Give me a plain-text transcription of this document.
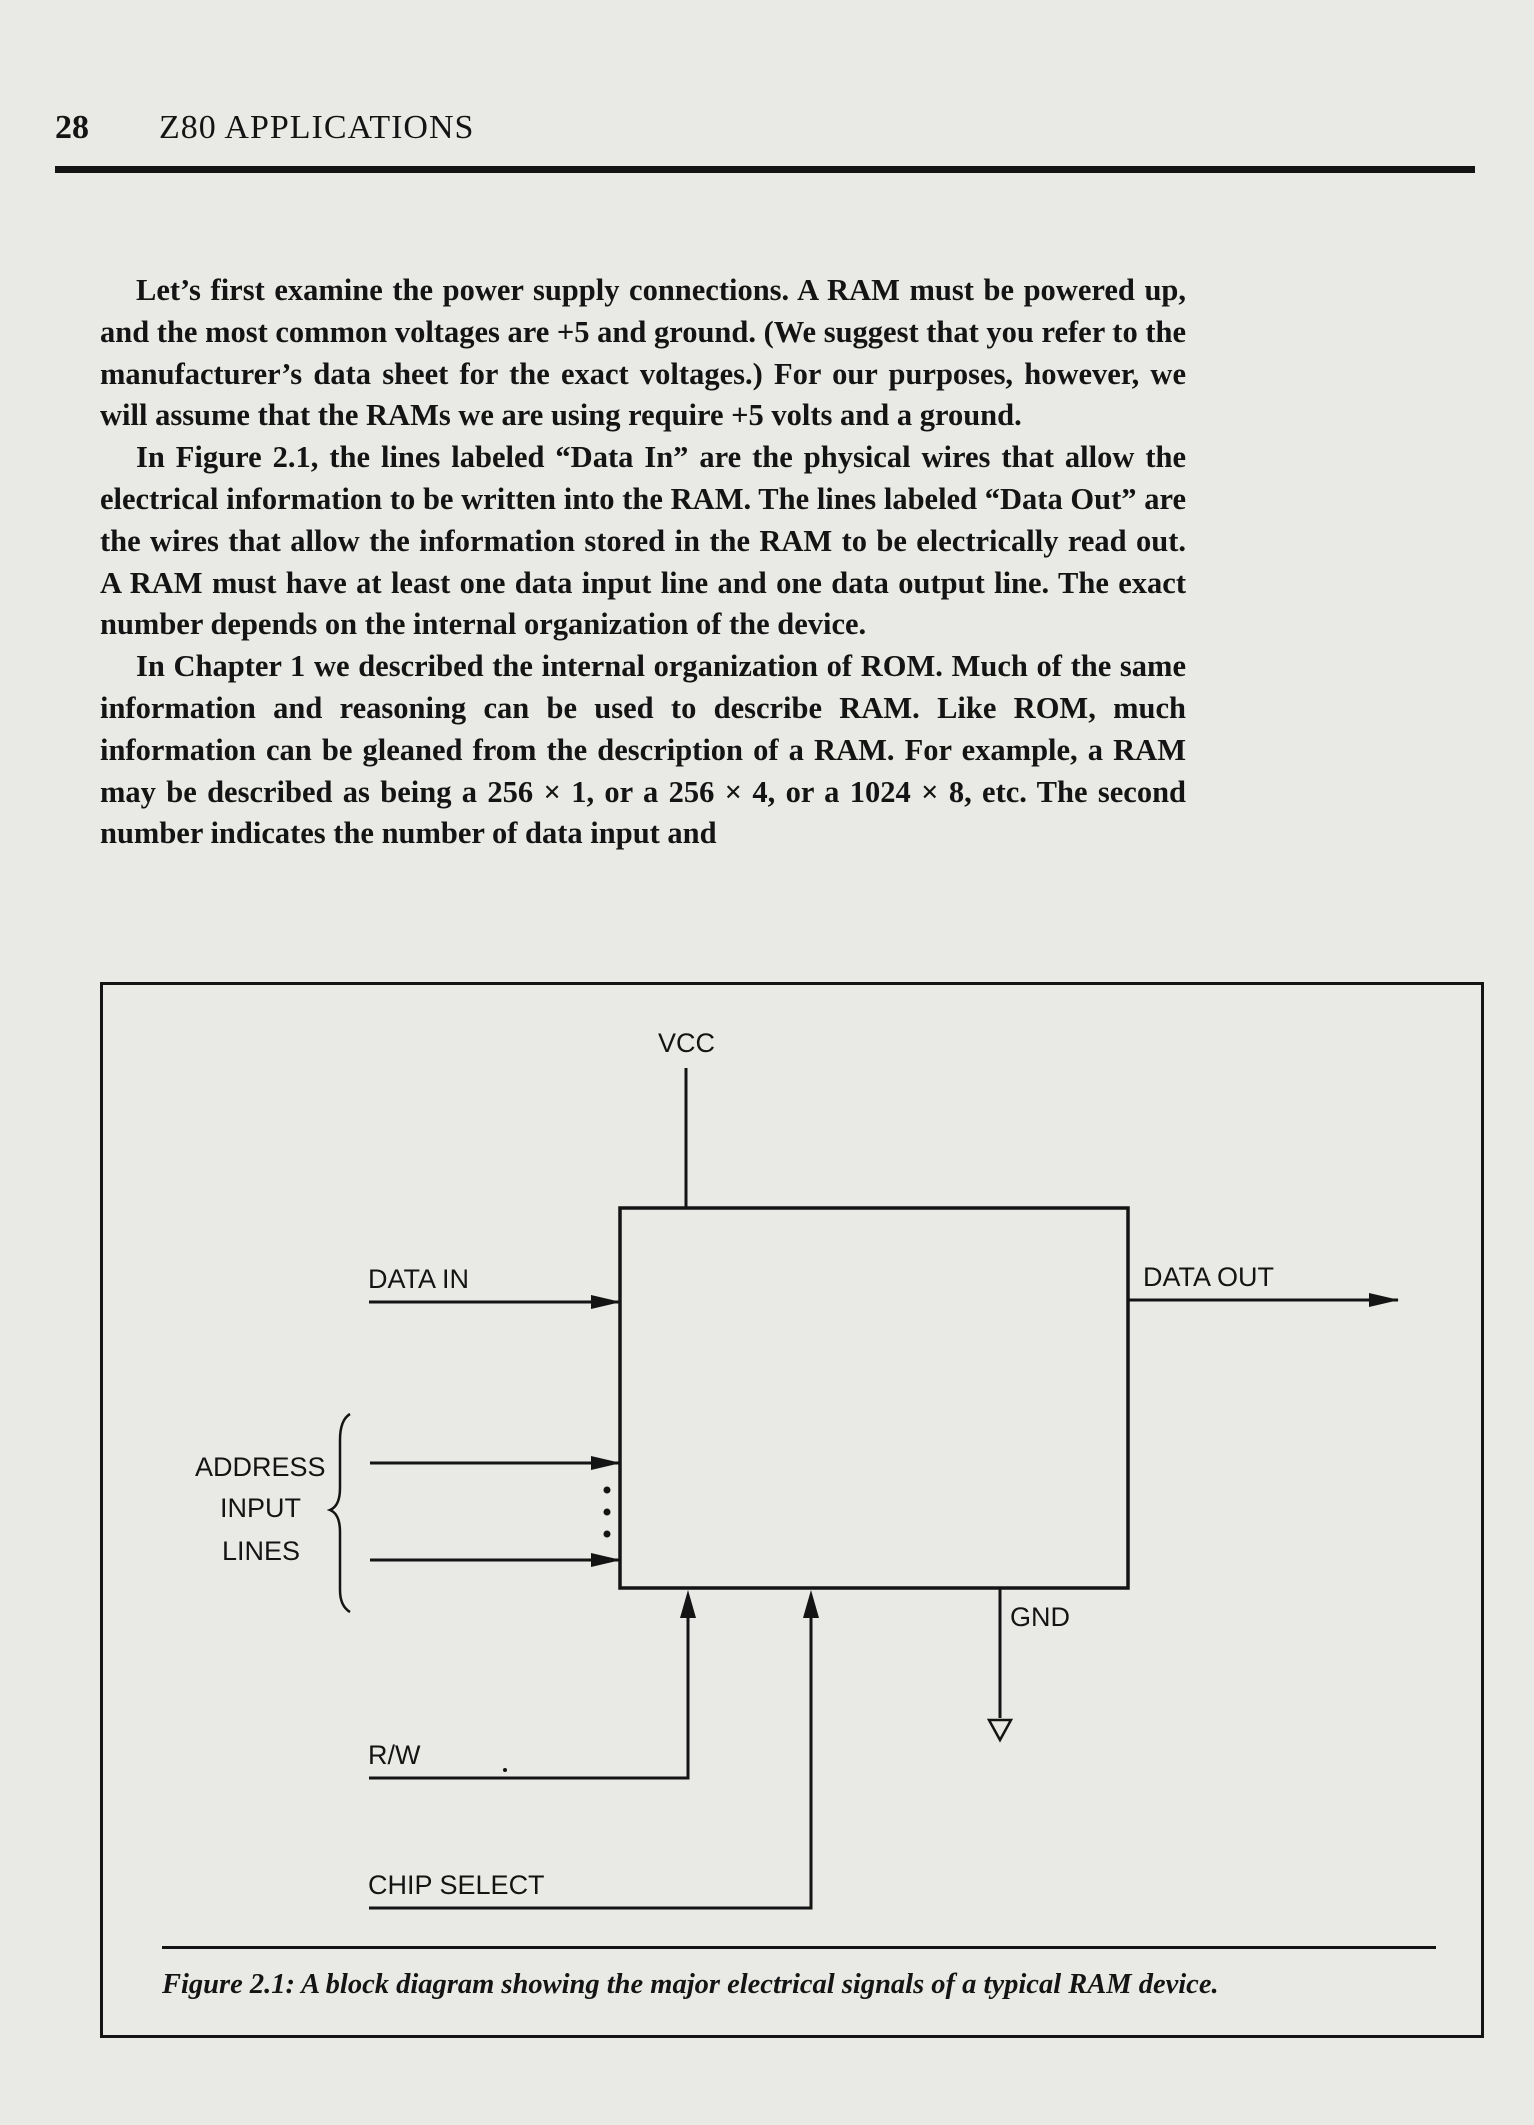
28 Z80 APPLICATIONS

Let’s first examine the power supply connections. A RAM must be powered up, and the most common voltages are +5 and ground. (We suggest that you refer to the manufacturer’s data sheet for the exact voltages.) For our purposes, however, we will assume that the RAMs we are using require +5 volts and a ground.

In Figure 2.1, the lines labeled “Data In” are the physical wires that allow the electrical information to be written into the RAM. The lines labeled “Data Out” are the wires that allow the information stored in the RAM to be electrically read out. A RAM must have at least one data input line and one data output line. The exact number depends on the internal organization of the device.

In Chapter 1 we described the internal organization of ROM. Much of the same information and reasoning can be used to describe RAM. Like ROM, much information can be gleaned from the description of a RAM. For example, a RAM may be described as being a 256 × 1, or a 256 × 4, or a 1024 × 8, etc. The second number indicates the number of data input and

VCC
DATA IN	DATA OUT
ADDRESS
INPUT
LINES
GND
R/W
CHIP SELECT
Figure 2.1: A block diagram showing the major electrical signals of a typical RAM device.
